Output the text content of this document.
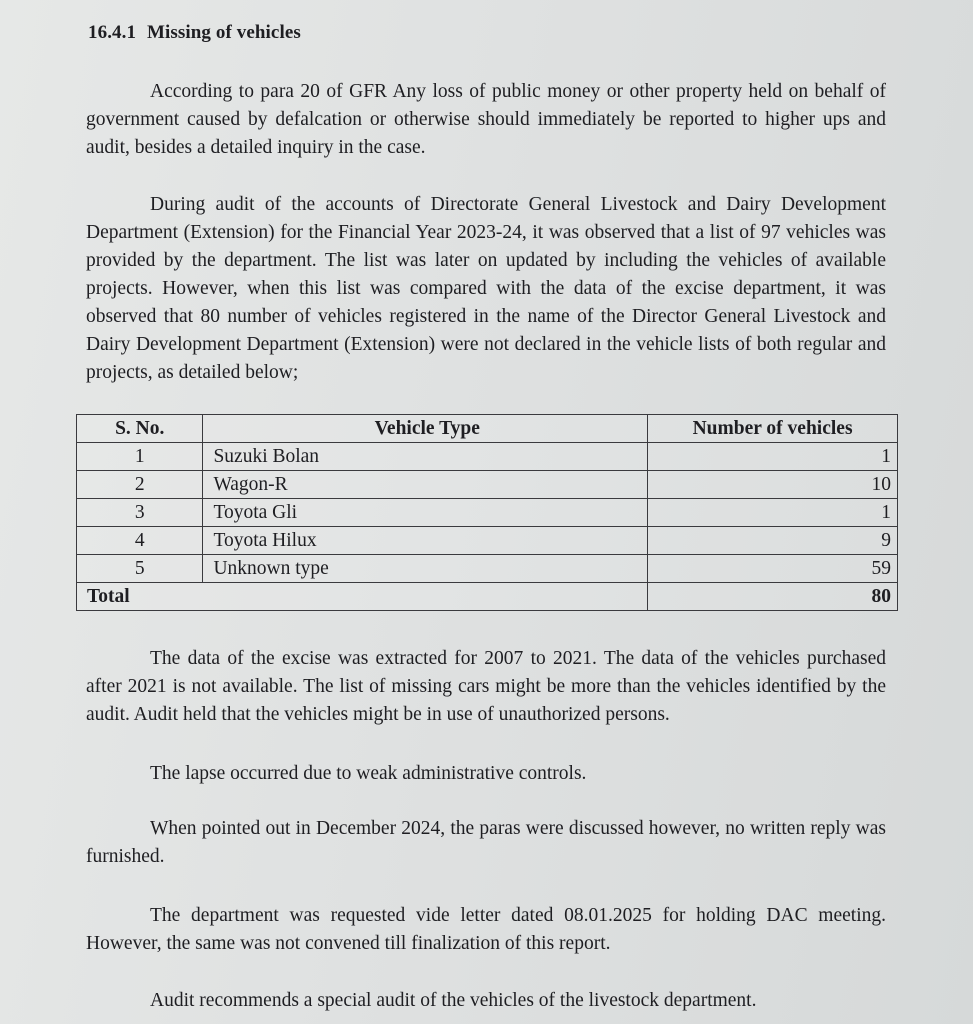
16.4.1 Missing of vehicles
According to para 20 of GFR Any loss of public money or other property held on behalf of government caused by defalcation or otherwise should immediately be reported to higher ups and audit, besides a detailed inquiry in the case.
During audit of the accounts of Directorate General Livestock and Dairy Development Department (Extension) for the Financial Year 2023-24, it was observed that a list of 97 vehicles was provided by the department. The list was later on updated by including the vehicles of available projects. However, when this list was compared with the data of the excise department, it was observed that 80 number of vehicles registered in the name of the Director General Livestock and Dairy Development Department (Extension) were not declared in the vehicle lists of both regular and projects, as detailed below;
S. No.	Vehicle Type	Number of vehicles
1	Suzuki Bolan	1
2	Wagon-R	10
3	Toyota Gli	1
4	Toyota Hilux	9
5	Unknown type	59
Total		80
The data of the excise was extracted for 2007 to 2021. The data of the vehicles purchased after 2021 is not available. The list of missing cars might be more than the vehicles identified by the audit. Audit held that the vehicles might be in use of unauthorized persons.
The lapse occurred due to weak administrative controls.
When pointed out in December 2024, the paras were discussed however, no written reply was furnished.
The department was requested vide letter dated 08.01.2025 for holding DAC meeting. However, the same was not convened till finalization of this report.
Audit recommends a special audit of the vehicles of the livestock department.
